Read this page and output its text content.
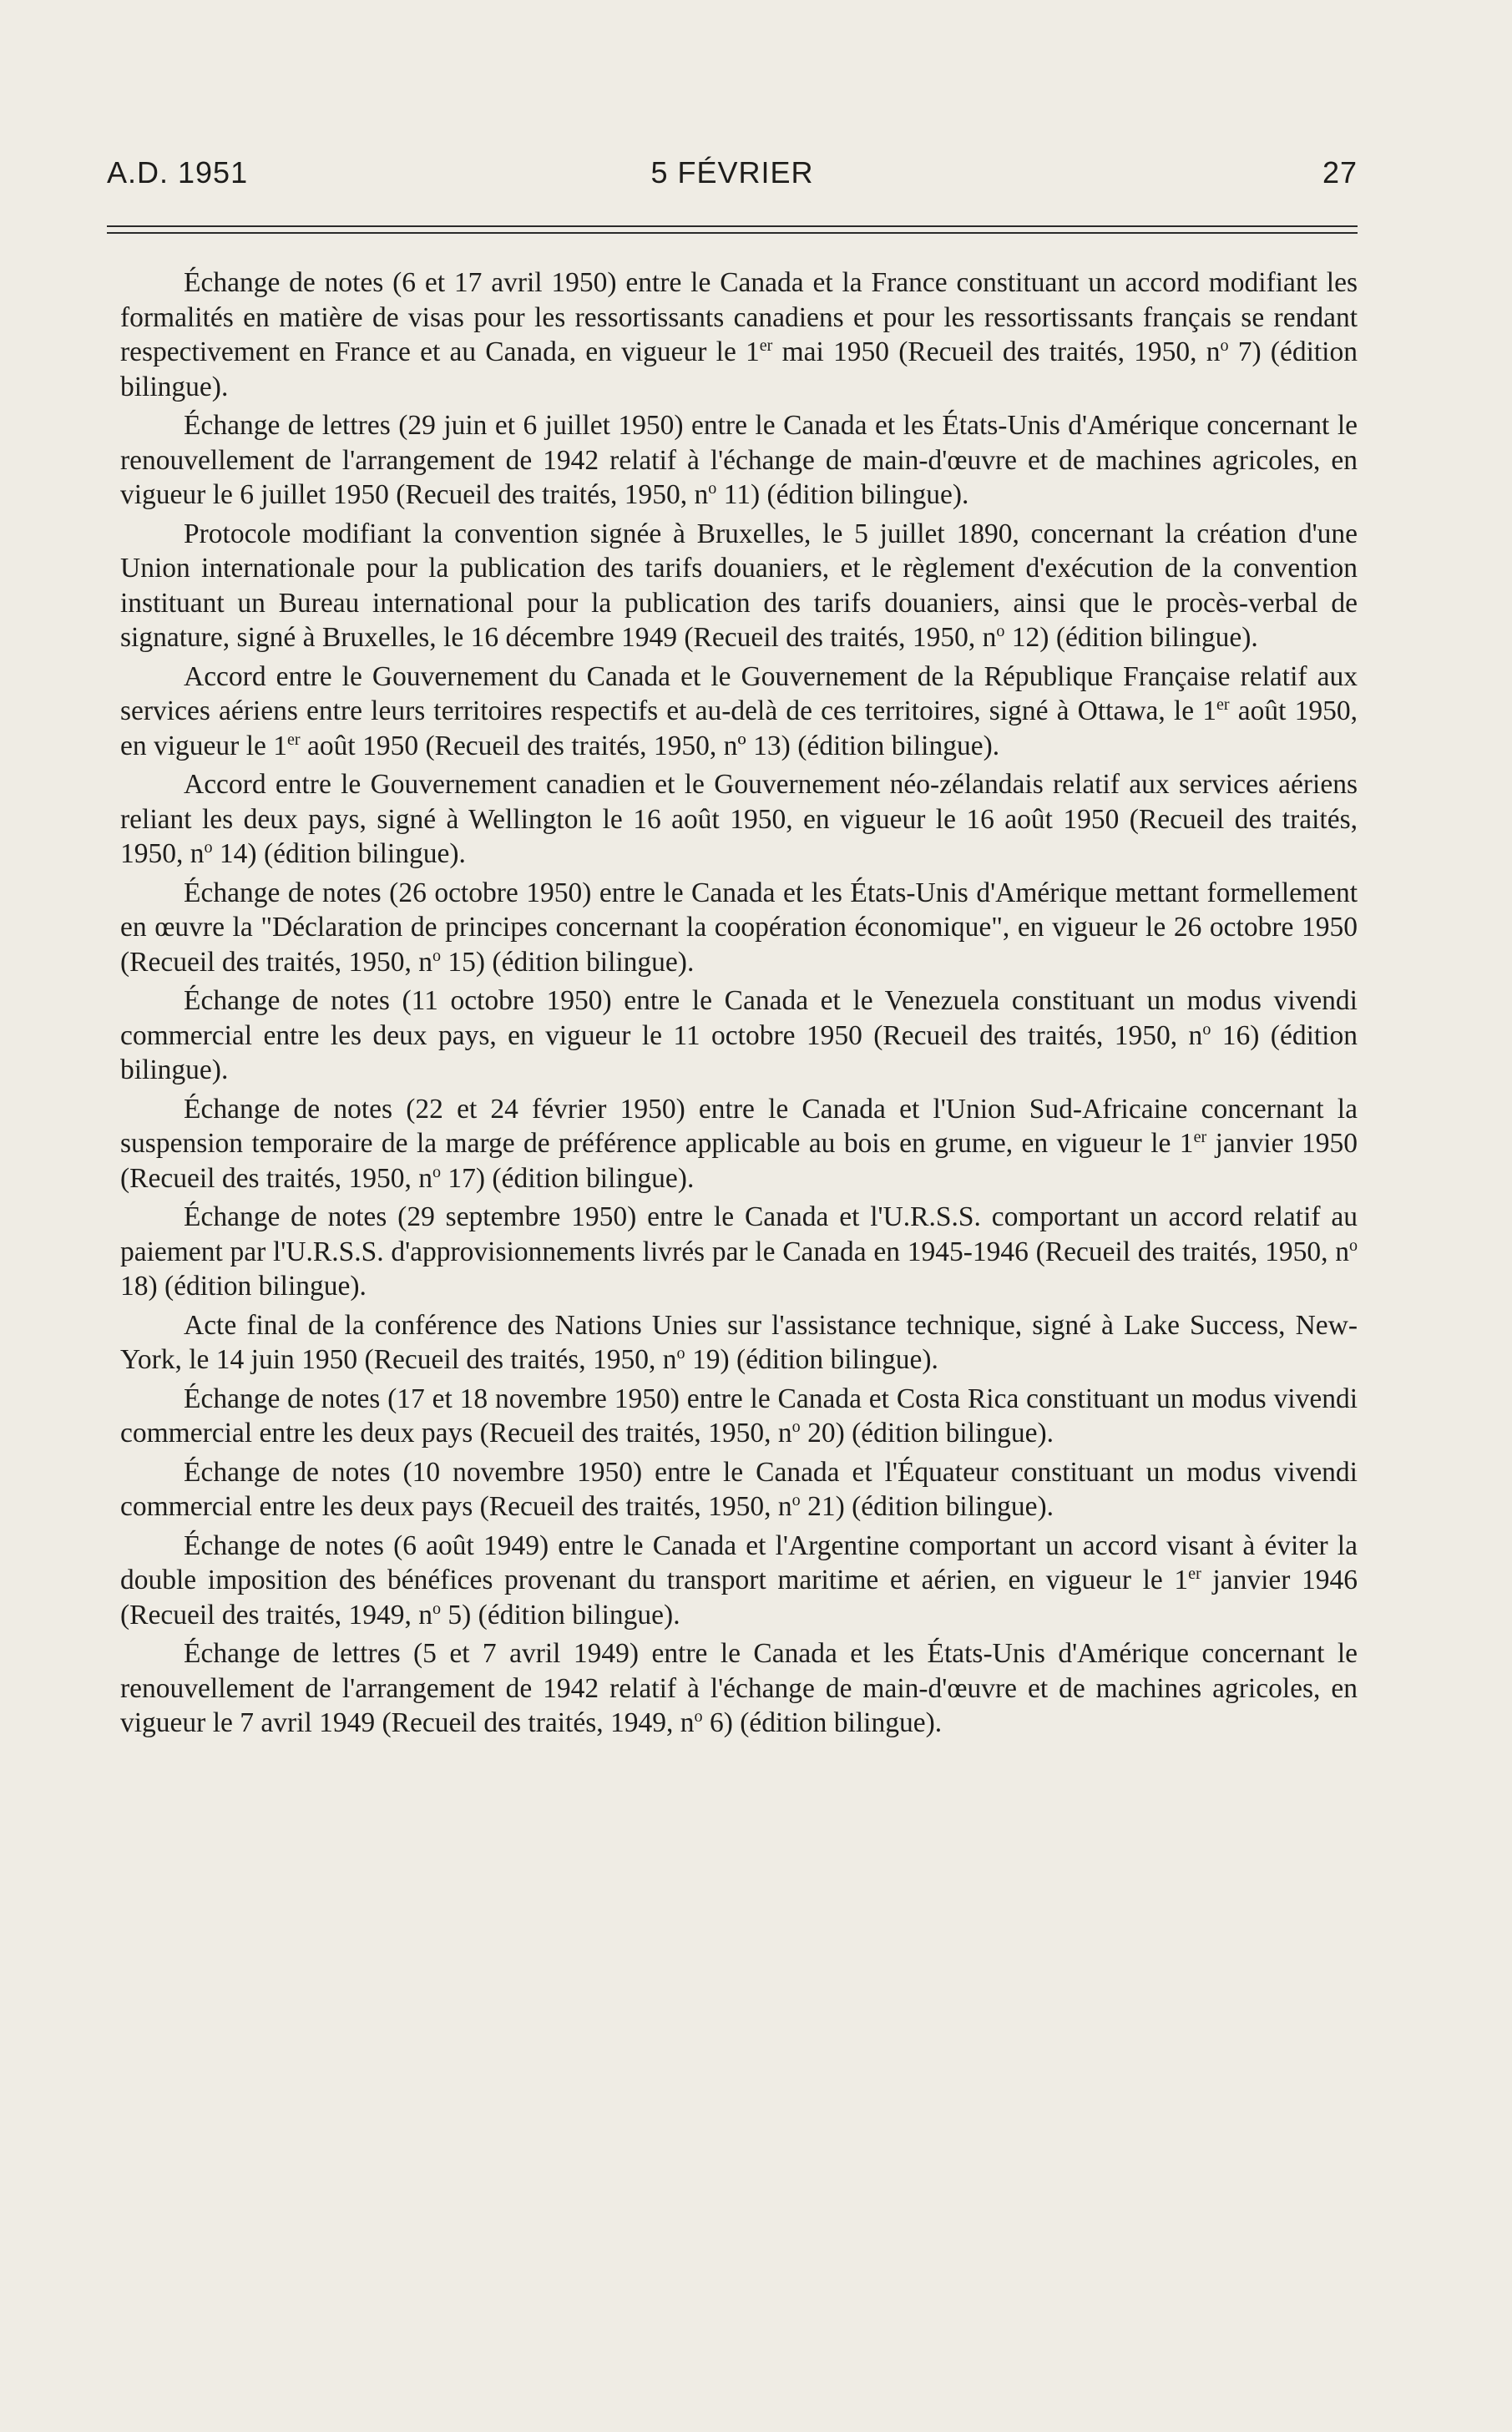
A.D. 1951	5 FÉVRIER	27

Échange de notes (6 et 17 avril 1950) entre le Canada et la France constituant un accord modifiant les formalités en matière de visas pour les ressortissants canadiens et pour les ressortissants français se rendant respectivement en France et au Canada, en vigueur le 1er mai 1950 (Recueil des traités, 1950, $n^o$ 7) (édition bilingue).

Échange de lettres (29 juin et 6 juillet 1950) entre le Canada et les États-Unis d'Amérique concernant le renouvellement de l'arrangement de 1942 relatif à l'échange de main-d'œuvre et de machines agricoles, en vigueur le 6 juillet 1950 (Recueil des traités, 1950, $n^o$ 11) (édition bilingue).

Protocole modifiant la convention signée à Bruxelles, le 5 juillet 1890, concernant la création d'une Union internationale pour la publication des tarifs douaniers, et le règlement d'exécution de la convention instituant un Bureau international pour la publication des tarifs douaniers, ainsi que le procès-verbal de signature, signé à Bruxelles, le 16 décembre 1949 (Recueil des traités, 1950, $n^o$ 12) (édition bilingue).

Accord entre le Gouvernement du Canada et le Gouvernement de la République Française relatif aux services aériens entre leurs territoires respectifs et au-delà de ces territoires, signé à Ottawa, le 1er août 1950, en vigueur le 1er août 1950 (Recueil des traités, 1950, nº 13) (édition bilingue).

Accord entre le Gouvernement canadien et le Gouvernement néo-zélandais relatif aux services aériens reliant les deux pays, signé à Wellington le 16 août 1950, en vigueur le 16 août 1950 (Recueil des traités, 1950, $n^o$ 14) (édition bilingue).

Échange de notes (26 octobre 1950) entre le Canada et les États-Unis d'Amérique mettant formellement en œuvre la "Déclaration de principes concernant la coopération économique", en vigueur le 26 octobre 1950 (Recueil des traités, 1950, $n^o$ 15) (édition bilingue).

Échange de notes (11 octobre 1950) entre le Canada et le Venezuela constituant un modus vivendi commercial entre les deux pays, en vigueur le 11 octobre 1950 (Recueil des traités, 1950, $n^o$ 16) (édition bilingue).

Échange de notes (22 et 24 février 1950) entre le Canada et l'Union Sud-Africaine concernant la suspension temporaire de la marge de préférence applicable au bois en grume, en vigueur le 1er janvier 1950 (Recueil des traités, 1950, $n^o$ 17) (édition bilingue).

Échange de notes (29 septembre 1950) entre le Canada et l'U.R.S.S. comportant un accord relatif au paiement par l'U.R.S.S. d'approvisionnements livrés par le Canada en 1945-1946 (Recueil des traités, 1950, $n^o$ 18) (édition bilingue).

Acte final de la conférence des Nations Unies sur l'assistance technique, signé à Lake Success, New-York, le 14 juin 1950 (Recueil des traités, 1950, $n^o$ 19) (édition bilingue).

Échange de notes (17 et 18 novembre 1950) entre le Canada et Costa Rica constituant un modus vivendi commercial entre les deux pays (Recueil des traités, 1950, $n^o$ 20) (édition bilingue).

Échange de notes (10 novembre 1950) entre le Canada et l'Équateur constituant un modus vivendi commercial entre les deux pays (Recueil des traités, 1950, $n^o$ 21) (édition bilingue).

Échange de notes (6 août 1949) entre le Canada et l'Argentine comportant un accord visant à éviter la double imposition des bénéfices provenant du transport maritime et aérien, en vigueur le 1er janvier 1946 (Recueil des traités, 1949, $n^o$ 5) (édition bilingue).

Échange de lettres (5 et 7 avril 1949) entre le Canada et les États-Unis d'Amérique concernant le renouvellement de l'arrangement de 1942 relatif à l'échange de main-d'œuvre et de machines agricoles, en vigueur le 7 avril 1949 (Recueil des traités, 1949, $n^o$ 6) (édition bilingue).
